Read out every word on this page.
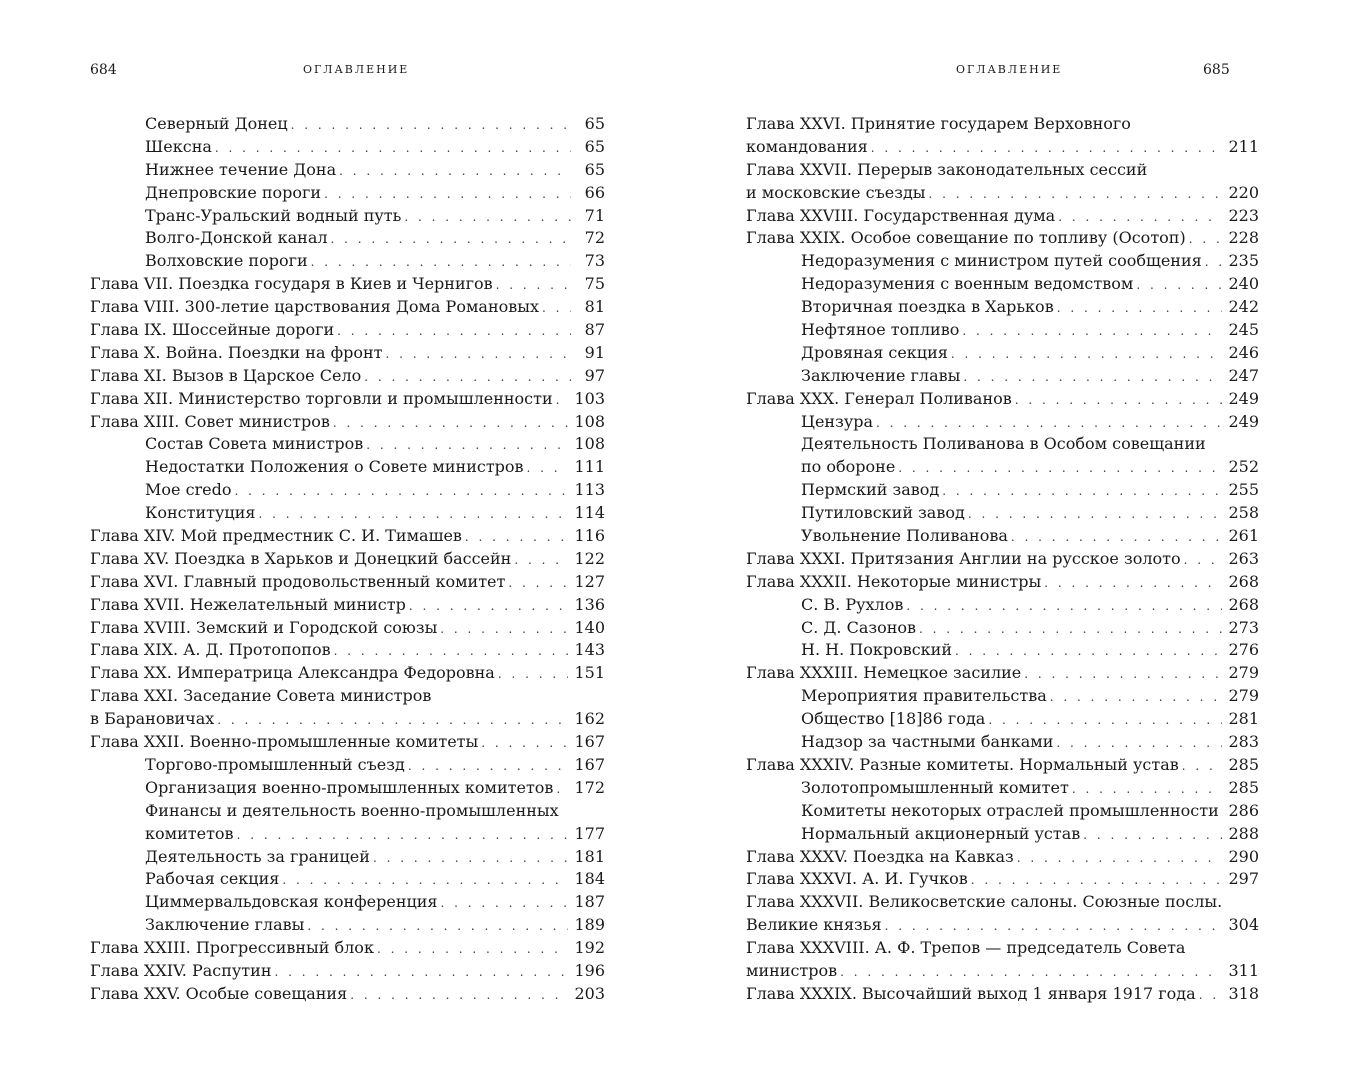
684	ОГЛАВЛЕНИЕ
Северный Донец . . .	65
Шексна . . .	65
Нижнее течение Дона . . .	65
Днепровские пороги . . .	66
Транс-Уральский водный путь . . .	71
Волго-Донской канал . . .	72
Волховские пороги . . .	73
Глава VII. Поездка государя в Киев и Чернигов . . .	75
Глава VIII. 300-летие царствования Дома Романовых . . .	81
Глава IX. Шоссейные дороги . . .	87
Глава X. Война. Поездки на фронт . . .	91
Глава XI. Вызов в Царское Село . . .	97
Глава XII. Министерство торговли и промышленности . . . 103
Глава XIII. Совет министров . . .	108
Состав Совета министров . . .	108
Недостатки Положения о Совете министров . . .	111
Мое credo . . .	113
Конституция . . .	114
Глава XIV. Мой предместник С. И. Тимашев . . .	116
Глава XV. Поездка в Харьков и Донецкий бассейн . . .	122
Глава XVI. Главный продовольственный комитет . . .	127
Глава XVII. Нежелательный министр . . .	136
Глава XVIII. Земский и Городской союзы . . .	140
Глава XIX. А. Д. Протопопов . . .	143
Глава XX. Императрица Александра Федоровна . . .	151
Глава XXI. Заседание Совета министров
в Барановичах . . .	162
Глава XXII. Военно-промышленные комитеты . . .	167
Торгово-промышленный съезд . . .	167
Организация военно-промышленных комитетов . . . 172
Финансы и деятельность военно-промышленных
комитетов . . .	177
Деятельность за границей . . .	181
Рабочая секция . . .	184
Циммервальдовская конференция . . .	187
Заключение главы . . .	189
Глава XXIII. Прогрессивный блок . . .	192
Глава XXIV. Распутин . . .	196
Глава XXV. Особые совещания . . .	203
ОГЛАВЛЕНИЕ	685
Глава XXVI. Принятие государем Верховного
командования . . .	211
Глава XXVII. Перерыв законодательных сессий
и московские съезды . . .	220
Глава XXVIII. Государственная дума . . .	223
Глава XXIX. Особое совещание по топливу (Осотоп) . . .	228
Недоразумения с министром путей сообщения . . . 235
Недоразумения с военным ведомством . . .	240
Вторичная поездка в Харьков . . .	242
Нефтяное топливо . . .	245
Дровяная секция . . .	246
Заключение главы . . .	247
Глава XXX. Генерал Поливанов . . .	249
Цензура . . .	249
Деятельность Поливанова в Особом совещании
по обороне . . .	252
Пермский завод . . .	255
Путиловский завод . . .	258
Увольнение Поливанова . . .	261
Глава XXXI. Притязания Англии на русское золото . . .	263
Глава XXXII. Некоторые министры . . .	268
С. В. Рухлов . . .	268
С. Д. Сазонов . . .	273
Н. Н. Покровский . . .	276
Глава XXXIII. Немецкое засилие . . .	279
Мероприятия правительства . . .	279
Общество [18]86 года . . .	281
Надзор за частными банками . . .	283
Глава XXXIV. Разные комитеты. Нормальный устав . . .	285
Золотопромышленный комитет . . .	285
Комитеты некоторых отраслей промышленности . . . 286
Нормальный акционерный устав . . .	288
Глава XXXV. Поездка на Кавказ . . .	290
Глава XXXVI. А. И. Гучков . . .	297
Глава XXXVII. Великосветские салоны. Союзные послы.
Великие князья . . .	304
Глава XXXVIII. А. Ф. Трепов — председатель Совета
министров . . .	311
Глава XXXIX. Высочайший выход 1 января 1917 года . . . 318
